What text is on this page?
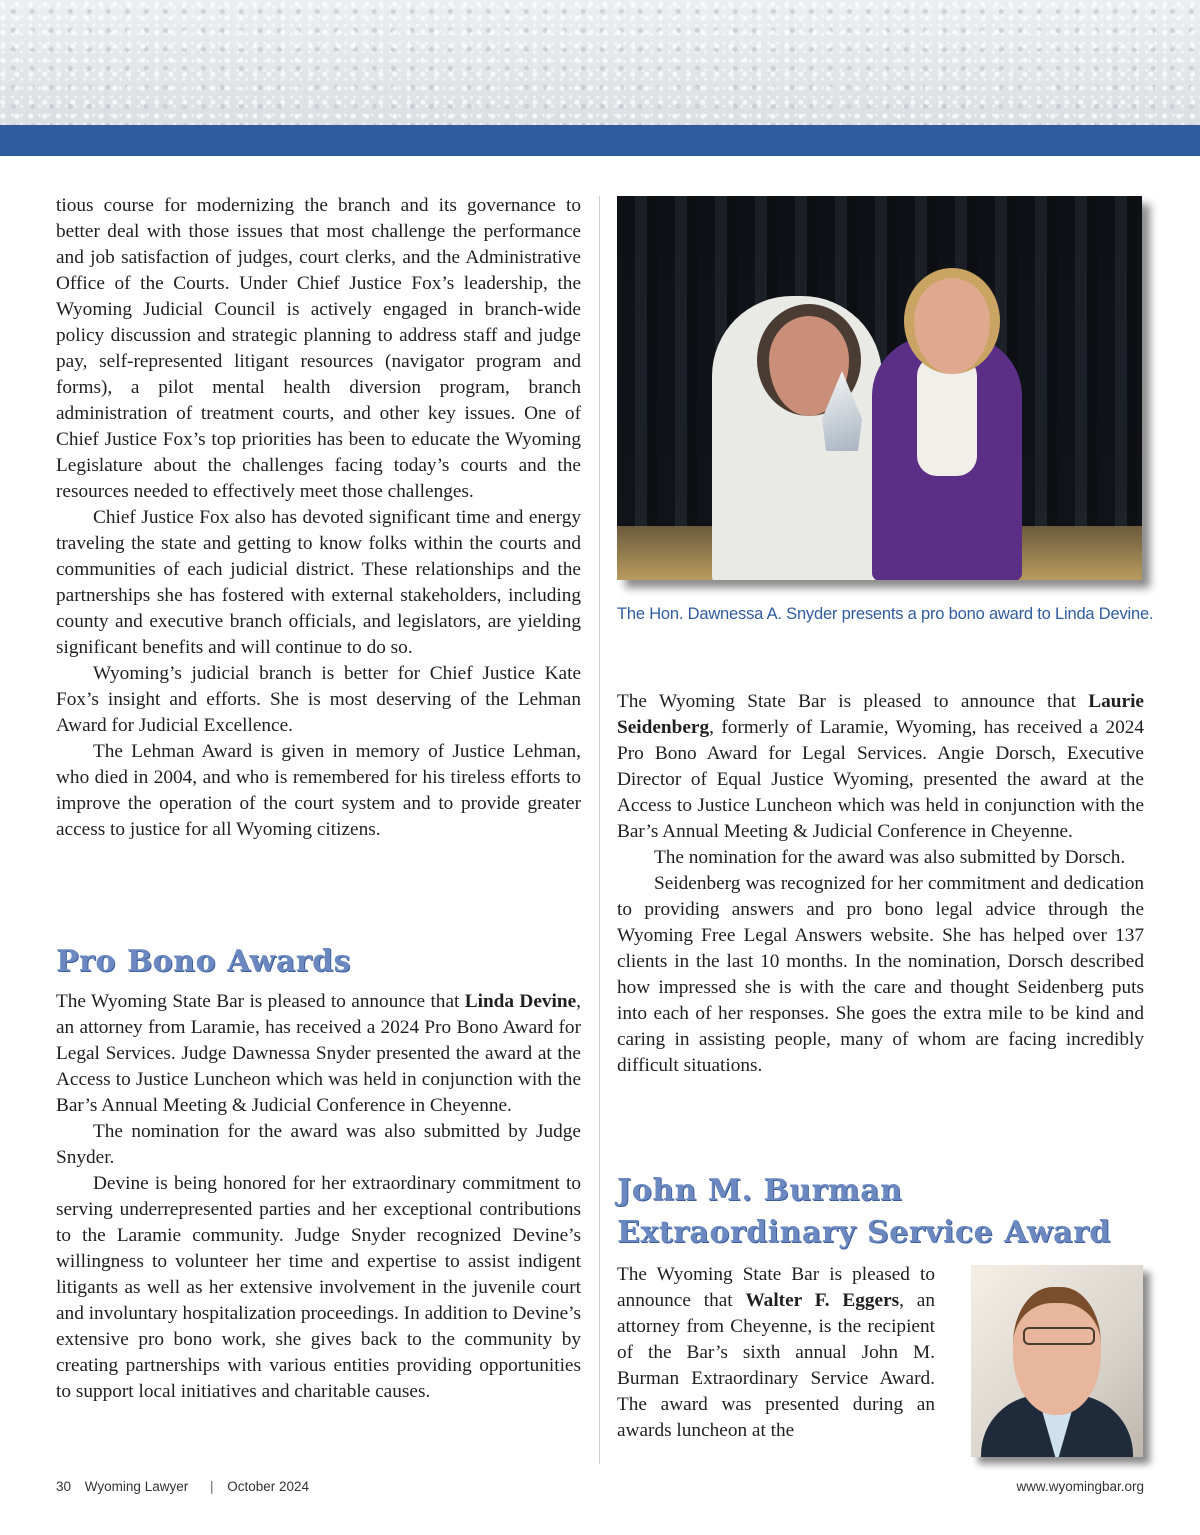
tious course for modernizing the branch and its governance to better deal with those issues that most challenge the performance and job satisfaction of judges, court clerks, and the Administrative Office of the Courts. Under Chief Justice Fox’s leadership, the Wyoming Judicial Council is actively engaged in branch-wide policy discussion and strategic planning to address staff and judge pay, self-represented litigant resources (navigator program and forms), a pilot mental health diversion program, branch administration of treatment courts, and other key issues. One of Chief Justice Fox’s top priorities has been to educate the Wyoming Legislature about the challenges facing today’s courts and the resources needed to effectively meet those challenges.

Chief Justice Fox also has devoted significant time and energy traveling the state and getting to know folks within the courts and communities of each judicial district. These relationships and the partnerships she has fostered with external stakeholders, including county and executive branch officials, and legislators, are yielding significant benefits and will continue to do so.

Wyoming’s judicial branch is better for Chief Justice Kate Fox’s insight and efforts. She is most deserving of the Lehman Award for Judicial Excellence.

The Lehman Award is given in memory of Justice Lehman, who died in 2004, and who is remembered for his tireless efforts to improve the operation of the court system and to provide greater access to justice for all Wyoming citizens.

Pro Bono Awards

The Wyoming State Bar is pleased to announce that Linda Devine, an attorney from Laramie, has received a 2024 Pro Bono Award for Legal Services. Judge Dawnessa Snyder presented the award at the Access to Justice Luncheon which was held in conjunction with the Bar’s Annual Meeting & Judicial Conference in Cheyenne.

The nomination for the award was also submitted by Judge Snyder.

Devine is being honored for her extraordinary commitment to serving underrepresented parties and her exceptional contributions to the Laramie community. Judge Snyder recognized Devine’s willingness to volunteer her time and expertise to assist indigent litigants as well as her extensive involvement in the juvenile court and involuntary hospitalization proceedings. In addition to Devine’s extensive pro bono work, she gives back to the community by creating partnerships with various entities providing opportunities to support local initiatives and charitable causes.

The Hon. Dawnessa A. Snyder presents a pro bono award to Linda Devine.

The Wyoming State Bar is pleased to announce that Laurie Seidenberg, formerly of Laramie, Wyoming, has received a 2024 Pro Bono Award for Legal Services. Angie Dorsch, Executive Director of Equal Justice Wyoming, presented the award at the Access to Justice Luncheon which was held in conjunction with the Bar’s Annual Meeting & Judicial Conference in Cheyenne.

The nomination for the award was also submitted by Dorsch.

Seidenberg was recognized for her commitment and dedication to providing answers and pro bono legal advice through the Wyoming Free Legal Answers website. She has helped over 137 clients in the last 10 months. In the nomination, Dorsch described how impressed she is with the care and thought Seidenberg puts into each of her responses. She goes the extra mile to be kind and caring in assisting people, many of whom are facing incredibly difficult situations.

John M. Burman
Extraordinary Service Award

The Wyoming State Bar is pleased to announce that Walter F. Eggers, an attorney from Cheyenne, is the recipient of the Bar’s sixth annual John M. Burman Extraordinary Service Award. The award was presented during an awards luncheon at the

30 Wyoming Lawyer | October 2024	www.wyomingbar.org
